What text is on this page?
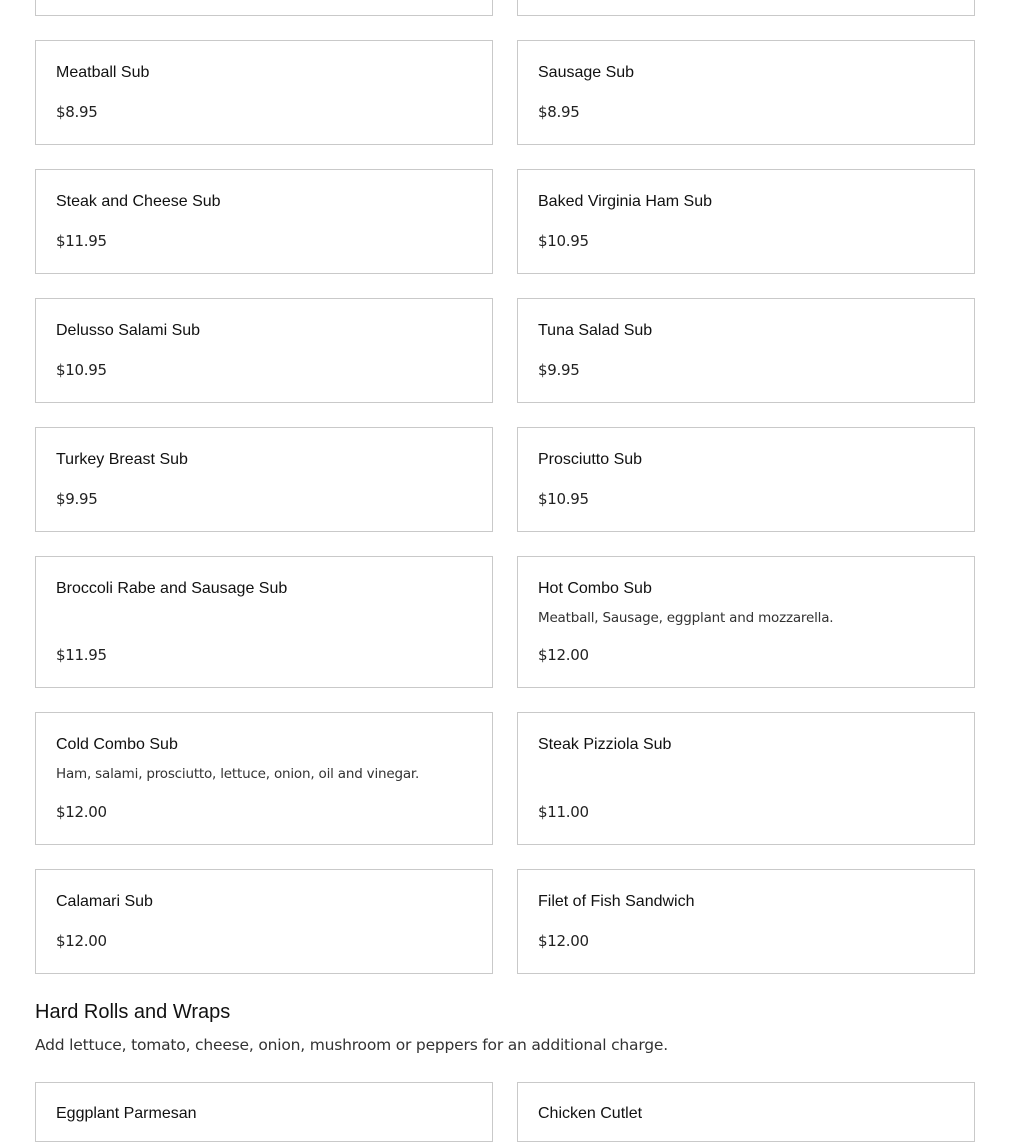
Meatball Sub
$8.95
Sausage Sub
$8.95
Steak and Cheese Sub
$11.95
Baked Virginia Ham Sub
$10.95
Delusso Salami Sub
$10.95
Tuna Salad Sub
$9.95
Turkey Breast Sub
$9.95
Prosciutto Sub
$10.95
Broccoli Rabe and Sausage Sub
$11.95
Hot Combo Sub
Meatball, Sausage, eggplant and mozzarella.
$12.00
Cold Combo Sub
Ham, salami, prosciutto, lettuce, onion, oil and vinegar.
$12.00
Steak Pizziola Sub
$11.00
Calamari Sub
$12.00
Filet of Fish Sandwich
$12.00
Hard Rolls and Wraps
Add lettuce, tomato, cheese, onion, mushroom or peppers for an additional charge.
Eggplant Parmesan	Chicken Cutlet
